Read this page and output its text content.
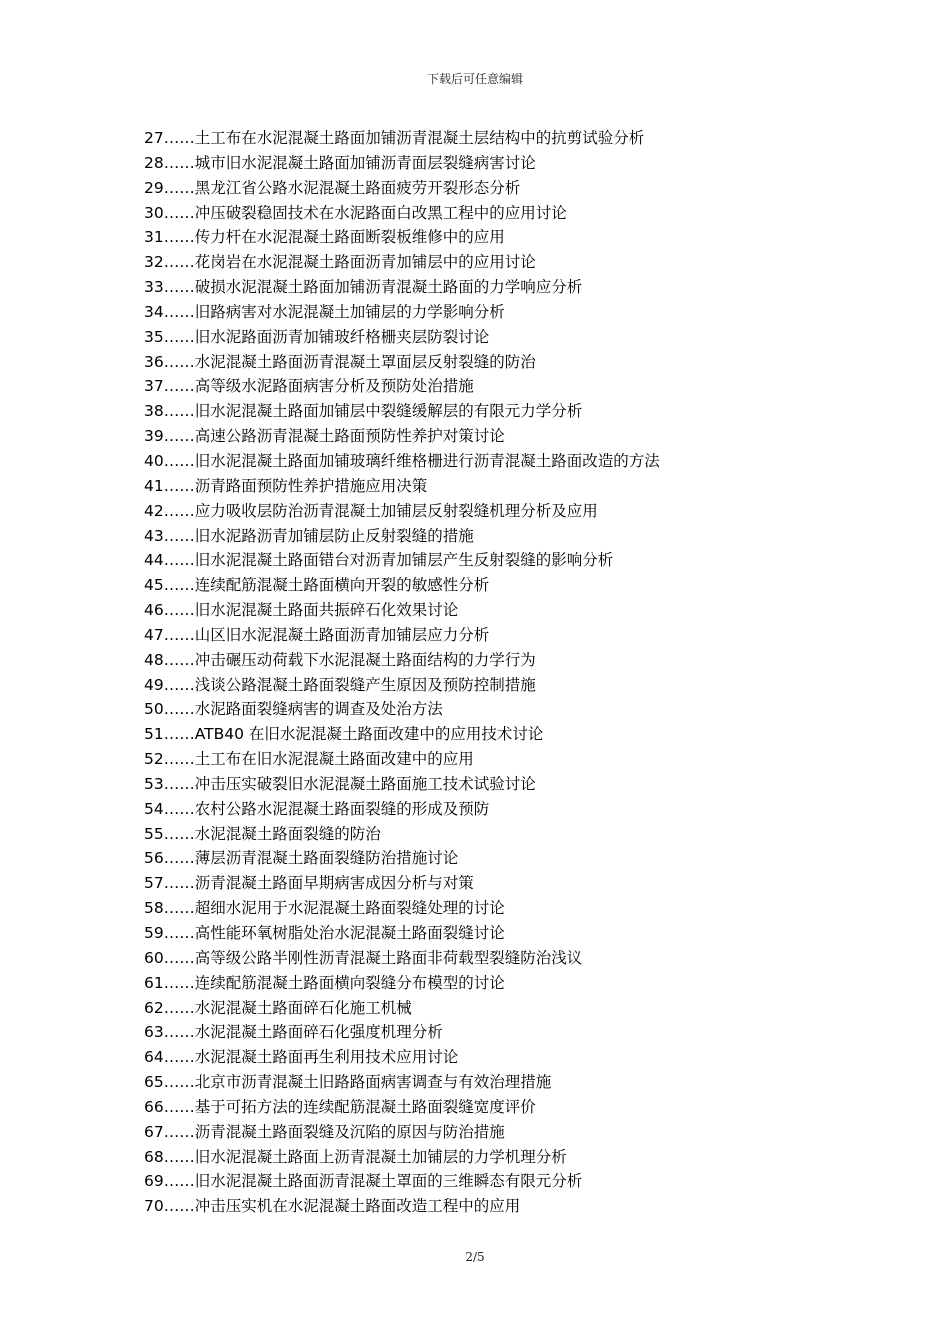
下载后可任意编辑
27……土工布在水泥混凝土路面加铺沥青混凝土层结构中的抗剪试验分析
28……城市旧水泥混凝土路面加铺沥青面层裂缝病害讨论
29……黑龙江省公路水泥混凝土路面疲劳开裂形态分析
30……冲压破裂稳固技术在水泥路面白改黑工程中的应用讨论
31……传力杆在水泥混凝土路面断裂板维修中的应用
32……花岗岩在水泥混凝土路面沥青加铺层中的应用讨论
33……破损水泥混凝土路面加铺沥青混凝土路面的力学响应分析
34……旧路病害对水泥混凝土加铺层的力学影响分析
35……旧水泥路面沥青加铺玻纤格栅夹层防裂讨论
36……水泥混凝土路面沥青混凝土罩面层反射裂缝的防治
37……高等级水泥路面病害分析及预防处治措施
38……旧水泥混凝土路面加铺层中裂缝缓解层的有限元力学分析
39……高速公路沥青混凝土路面预防性养护对策讨论
40……旧水泥混凝土路面加铺玻璃纤维格栅进行沥青混凝土路面改造的方法
41……沥青路面预防性养护措施应用决策
42……应力吸收层防治沥青混凝土加铺层反射裂缝机理分析及应用
43……旧水泥路沥青加铺层防止反射裂缝的措施
44……旧水泥混凝土路面错台对沥青加铺层产生反射裂缝的影响分析
45……连续配筋混凝土路面横向开裂的敏感性分析
46……旧水泥混凝土路面共振碎石化效果讨论
47……山区旧水泥混凝土路面沥青加铺层应力分析
48……冲击碾压动荷载下水泥混凝土路面结构的力学行为
49……浅谈公路混凝土路面裂缝产生原因及预防控制措施
50……水泥路面裂缝病害的调查及处治方法
51……ATB40 在旧水泥混凝土路面改建中的应用技术讨论
52……土工布在旧水泥混凝土路面改建中的应用
53……冲击压实破裂旧水泥混凝土路面施工技术试验讨论
54……农村公路水泥混凝土路面裂缝的形成及预防
55……水泥混凝土路面裂缝的防治
56……薄层沥青混凝土路面裂缝防治措施讨论
57……沥青混凝土路面早期病害成因分析与对策
58……超细水泥用于水泥混凝土路面裂缝处理的讨论
59……高性能环氧树脂处治水泥混凝土路面裂缝讨论
60……高等级公路半刚性沥青混凝土路面非荷载型裂缝防治浅议
61……连续配筋混凝土路面横向裂缝分布模型的讨论
62……水泥混凝土路面碎石化施工机械
63……水泥混凝土路面碎石化强度机理分析
64……水泥混凝土路面再生利用技术应用讨论
65……北京市沥青混凝土旧路路面病害调查与有效治理措施
66……基于可拓方法的连续配筋混凝土路面裂缝宽度评价
67……沥青混凝土路面裂缝及沉陷的原因与防治措施
68……旧水泥混凝土路面上沥青混凝土加铺层的力学机理分析
69……旧水泥混凝土路面沥青混凝土罩面的三维瞬态有限元分析
70……冲击压实机在水泥混凝土路面改造工程中的应用
2/5
